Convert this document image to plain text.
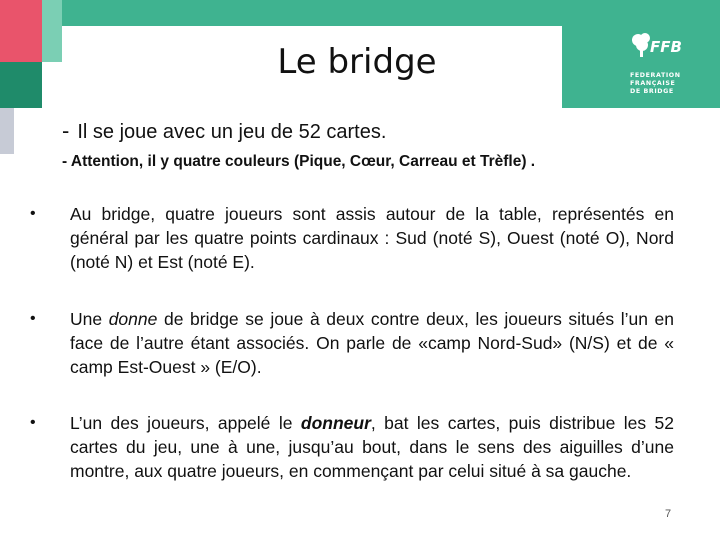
Le bridge	FFB
FEDERATION
FRANÇAISE
DE BRIDGE
- Il se joue avec un jeu de 52 cartes.
- Attention, il y quatre couleurs (Pique, Cœur, Carreau et Trèfle) .
• Au bridge, quatre joueurs sont assis autour de la table, représentés en général par les quatre points cardinaux : Sud (noté S), Ouest (noté O), Nord (noté N) et Est (noté E).
• Une donne de bridge se joue à deux contre deux, les joueurs situés l’un en face de l’autre étant associés. On parle de «camp Nord-Sud» (N/S) et de « camp Est-Ouest » (E/O).
• L’un des joueurs, appelé le donneur, bat les cartes, puis distribue les 52 cartes du jeu, une à une, jusqu’au bout, dans le sens des aiguilles d’une montre, aux quatre joueurs, en commençant par celui situé à sa gauche.
7
